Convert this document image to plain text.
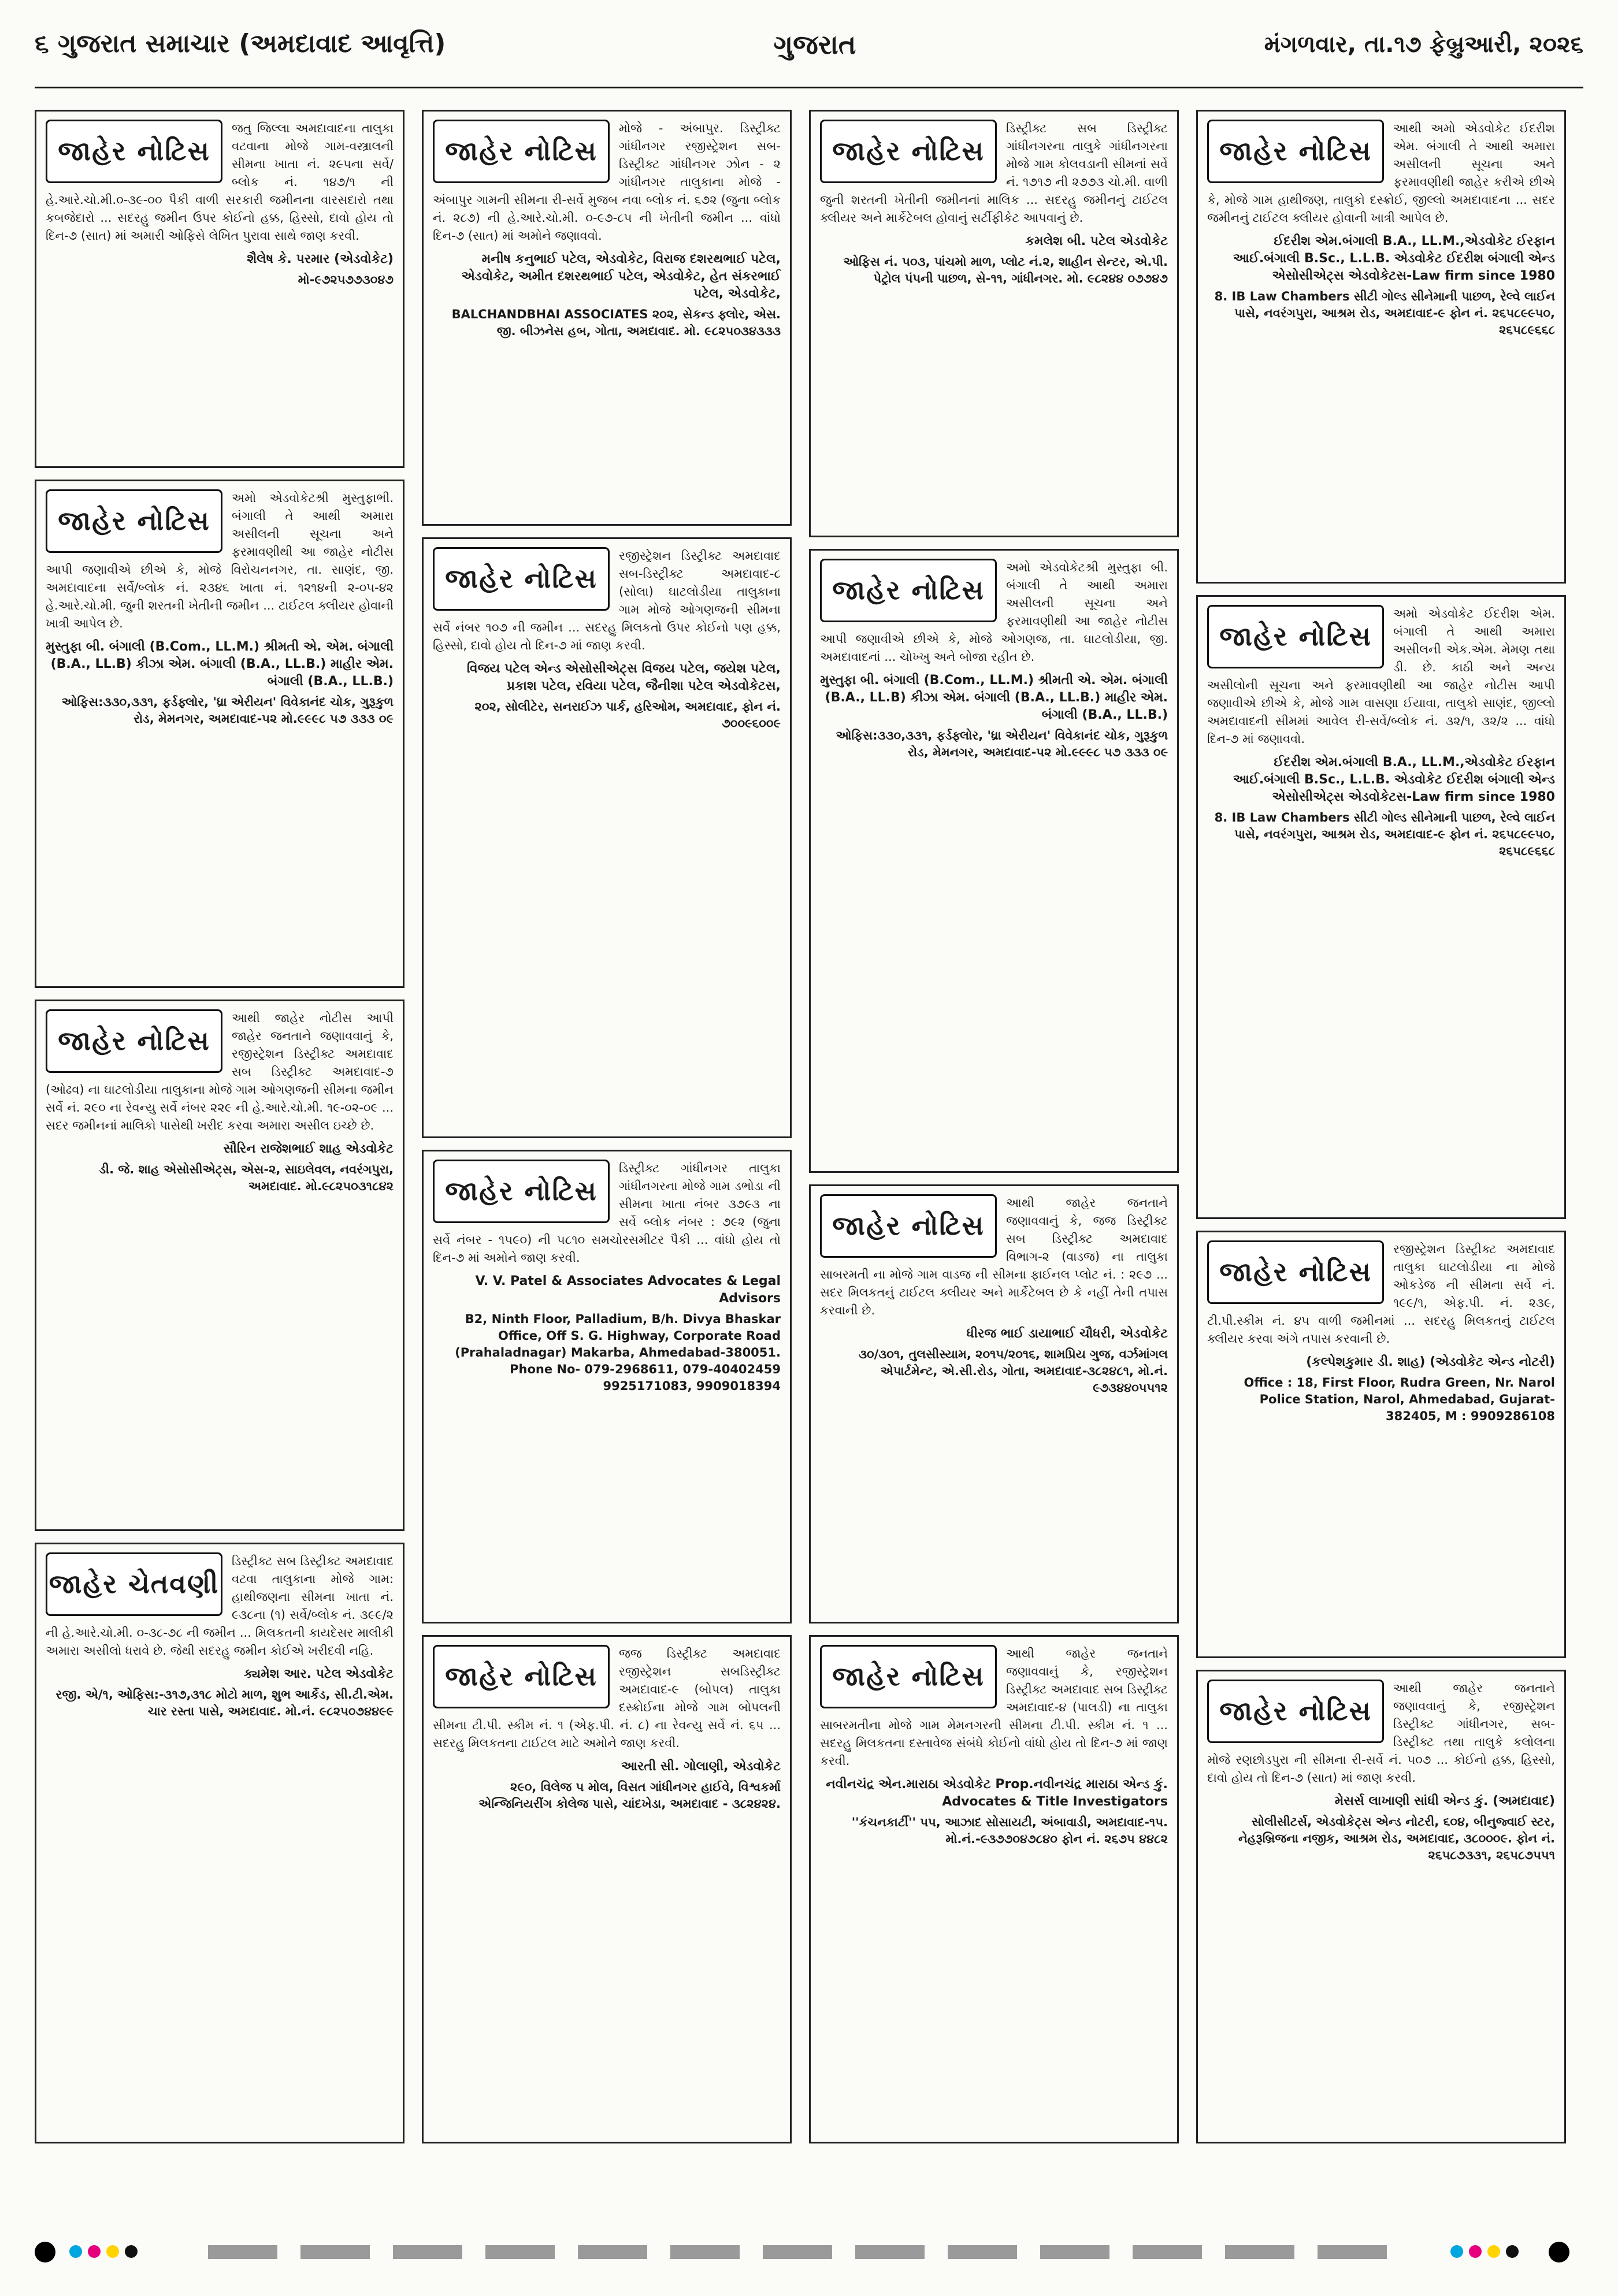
૬ ગુજરાત સમાચાર (અમદાવાદ આવૃત્તિ)	ગુજરાત	મંગળવાર, તા.૧૭ ફેબ્રુઆરી, ૨૦૨૬
જાહેર નોટિસ
જતુ જિલ્લા અમદાવાદના તાલુકા વટવાના મોજે ગામ-વસ્ત્રાલની સીમના ખાતા નં. ૨૯૫ના સર્વે/બ્લોક નં. ૧૪૭/૧ ની હે.આરે.ચો.મી.૦-૩૯-૦૦ પૈકી વાળી સરકારી જમીનના વારસદારો તથા કબજેદારો ... સદરહુ જમીન ઉપર કોઈનો હક્ક, હિસ્સો, દાવો હોય તો દિન-૭ (સાત) માં અમારી ઓફિસે લેખિત પુરાવા સાથે જાણ કરવી.
શૈલેષ કે. પરમાર (એડવોકેટ)
મો-૯૭૨૫૭૭૩૦૪૭
જાહેર નોટિસ
અમો એડવોકેટશ્રી મુસ્તુફાભી. બંગાલી તે આથી અમારા અસીલની સૂચના અને ફરમાવણીથી આ જાહેર નોટીસ આપી જણાવીએ છીએ કે, મોજે વિરોચનનગર, તા. સાણંદ, જી. અમદાવાદના સર્વે/બ્લોક નં. ૨૩૪૬ ખાતા નં. ૧૨૧૪ની ૨-૦૫-૪૨ હે.આરે.ચો.મી. જુની શરતની ખેતીની જમીન ... ટાઈટલ ક્લીયર હોવાની ખાત્રી આપેલ છે.
મુસ્તુફા બી. બંગાલી (B.Com., LL.M.) શ્રીમતી એ. એમ. બંગાલી (B.A., LL.B) કીઝા એમ. બંગાલી (B.A., LL.B.) માહીર એમ. બંગાલી (B.A., LL.B.)
ઓફિસ:૩૩૦,૩૩૧, ફર્ડફ્લોર, 'ધ્રા એરીયન' વિવેકાનંદ ચોક, ગુરૂકુળ રોડ, મેમનગર, અમદાવાદ-૫૨ મો.૯૯૯૮ ૫૭ ૩૩૩ ૦૯
જાહેર નોટિસ
આથી જાહેર નોટીસ આપી જાહેર જનતાને જણાવવાનું કે, રજીસ્ટ્રેશન ડિસ્ટ્રીક્ટ અમદાવાદ સબ ડિસ્ટ્રીક્ટ અમદાવાદ-૭ (ઓઢવ) ના ઘાટલોડીયા તાલુકાના મોજે ગામ ઓગણજની સીમના જમીન સર્વે નં. ૨૯૦ ના રેવન્યુ સર્વે નંબર ૨૨૯ ની હે.આરે.ચો.મી. ૧૯-૦૨-૦૯ ... સદર જમીનનાં માલિકો પાસેથી ખરીદ કરવા અમારા અસીલ ઇચ્છે છે.
સૌરિન રાજેશભાઈ શાહ એડવોકેટ
ડી. જે. શાહ એસોસીએટ્સ, એસ-૨, સાઇલેવલ, નવરંગપુરા, અમદાવાદ. મો.૯૮૨૫૦૩૧૮૪૨
જાહેર ચેતવણી
ડિસ્ટ્રીક્ટ સબ ડિસ્ટ્રીક્ટ અમદાવાદ વટવા તાલુકાના મોજે ગામ: હાથીજણના સીમના ખાતા નં. ૯૩૮ના (૧) સર્વે/બ્લોક નં. ૩૯૯/૨ ની હે.આરે.ચો.મી. ૦-૩૮-૭૮ ની જમીન ... મિલકતની કાયદેસર માલીકી અમારા અસીલો ધરાવે છે. જેથી સદરહુ જમીન કોઈએ ખરીદવી નહિ.
ક્યમેશ આર. પટેલ એડવોકેટ
રજી. એ/૧, ઓફિસ:-૩૧૭,૩૧૮ મોટો માળ, શુભ આર્કેડ, સી.ટી.એમ. ચાર રસ્તા પાસે, અમદાવાદ. મો.નં. ૯૮૨૫૦૭૪૪૯૯
જાહેર નોટિસ
મોજે - અંબાપુર. ડિસ્ટ્રીક્ટ ગાંધીનગર રજીસ્ટ્રેશન સબ-ડિસ્ટ્રીક્ટ ગાંધીનગર ઝોન - ૨ ગાંધીનગર તાલુકાના મોજે - અંબાપુર ગામની સીમના રી-સર્વે મુજબ નવા બ્લોક નં. ૬૭૨ (જુના બ્લોક નં. ૨૮૭) ની હે.આરે.ચો.મી. ૦-૯૭-૮૫ ની ખેતીની જમીન ... વાંધો દિન-૭ (સાત) માં અમોને જણાવવો.
મનીષ કનુભાઈ પટેલ, એડવોકેટ, વિરાજ દશરથભાઈ પટેલ, એડવોકેટ, અમીત દશરથભાઈ પટેલ, એડવોકેટ, હેત સંકરભાઈ પટેલ, એડવોકેટ,
BALCHANDBHAI ASSOCIATES ૨૦૨, સેકન્ડ ફ્લોર, એસ. જી. બીઝનેસ હબ, ગોતા, અમદાવાદ. મો. ૯૮૨૫૦૩૪૩૩૩
જાહેર નોટિસ
રજીસ્ટ્રેશન ડિસ્ટ્રીક્ટ અમદાવાદ સબ-ડિસ્ટ્રીક્ટ અમદાવાદ-૮ (સોલા) ઘાટલોડીયા તાલુકાના ગામ મોજે ઓગણજની સીમના સર્વે નંબર ૧૦૭ ની જમીન ... સદરહુ મિલકતો ઉપર કોઈનો પણ હક્ક, હિસ્સો, દાવો હોય તો દિન-૭ માં જાણ કરવી.
વિજય પટેલ એન્ડ એસોસીએટ્સ વિજય પટેલ, જયેશ પટેલ, પ્રકાશ પટેલ, રવિયા પટેલ, જૈનીશા પટેલ એડવોકેટસ,
૨૦૨, સોલીટેર, સનરાઈઝ પાર્ક, હરિઓમ, અમદાવાદ, ફોન નં. ૭૦૦૯૬૦૦૯
જાહેર નોટિસ
ડિસ્ટ્રીક્ટ ગાંધીનગર તાલુકા ગાંધીનગરના મોજે ગામ ડભોડા ની સીમના ખાતા નંબર ૩૭૯૩ ના સર્વે બ્લોક નંબર : ૭૯૨ (જુના સર્વે નંબર - ૧૫૯૦) ની ૫૮૧૦ સમચોરસમીટર પૈકી ... વાંધો હોય તો દિન-૭ માં અમોને જાણ કરવી.
V. V. Patel & Associates Advocates & Legal Advisors
B2, Ninth Floor, Palladium, B/h. Divya Bhaskar Office, Off S. G. Highway, Corporate Road (Prahaladnagar) Makarba, Ahmedabad-380051. Phone No- 079-2968611, 079-40402459 9925171083, 9909018394
જાહેર નોટિસ
જજ ડિસ્ટ્રીક્ટ અમદાવાદ રજીસ્ટ્રેશન સબડિસ્ટ્રીક્ટ અમદાવાદ-૯ (બોપલ) તાલુકા દસ્ક્રોઈના મોજે ગામ બોપલની સીમના ટી.પી. સ્કીમ નં. ૧ (એફ.પી. નં. ૮) ના રેવન્યુ સર્વે નં. ૬૫ ... સદરહુ મિલકતના ટાઈટલ માટે અમોને જાણ કરવી.
આરતી સી. ગોલાણી, એડવોકેટ
૨૯૦, વિલેજ ૫ મોલ, વિસત ગાંધીનગર હાઈવે, વિશ્વકર્મા એન્જિનિયરીંગ કોલેજ પાસે, ચાંદખેડા, અમદાવાદ - ૩૮૨૪૨૪.
જાહેર નોટિસ
ડિસ્ટ્રીક્ટ સબ ડિસ્ટ્રીક્ટ ગાંધીનગરના તાલુકે ગાંધીનગરના મોજે ગામ કોલવડાની સીમનાં સર્વે નં. ૧૭૧૭ ની ૨૭૭૩ ચો.મી. વાળી જુની શરતની ખેતીની જમીનનાં માલિક ... સદરહુ જમીનનું ટાઈટલ ક્લીયર અને માર્કેટેબલ હોવાનું સર્ટીફીકેટ આપવાનું છે.
કમલેશ બી. પટેલ એડવોકેટ
ઓફિસ નં. ૫૦૩, પાંચમો માળ, પ્લોટ નં.૨, શાહીન સેન્ટર, એ.પી. પેટ્રોલ પંપની પાછળ, સે-૧૧, ગાંધીનગર. મો. ૯૮૨૪૪ ૦૭૭૪૭
જાહેર નોટિસ
અમો એડવોકેટશ્રી મુસ્તુફા બી. બંગાલી તે આથી અમારા અસીલની સૂચના અને ફરમાવણીથી આ જાહેર નોટીસ આપી જણાવીએ છીએ કે, મોજે ઓગણજ, તા. ઘાટલોડીયા, જી. અમદાવાદનાં ... ચોખ્ખુ અને બોજા રહીત છે.
મુસ્તુફા બી. બંગાલી (B.Com., LL.M.) શ્રીમતી એ. એમ. બંગાલી (B.A., LL.B) કીઝા એમ. બંગાલી (B.A., LL.B.) માહીર એમ. બંગાલી (B.A., LL.B.)
ઓફિસ:૩૩૦,૩૩૧, ફર્ડફ્લોર, 'ધ્રા એરીયન' વિવેકાનંદ ચોક, ગુરૂકુળ રોડ, મેમનગર, અમદાવાદ-૫૨ મો.૯૯૯૮ ૫૭ ૩૩૩ ૦૯
જાહેર નોટિસ
આથી જાહેર જનતાને જણાવવાનું કે, જજ ડિસ્ટ્રીક્ટ સબ ડિસ્ટ્રીક્ટ અમદાવાદ વિભાગ-૨ (વાડજ) ના તાલુકા સાબરમતી ના મોજે ગામ વાડજ ની સીમના ફાઈનલ પ્લોટ નં. : ૨૯૭ ... સદર મિલકતનું ટાઈટલ ક્લીયર અને માર્કેટેબલ છે કે નહીં તેની તપાસ કરવાની છે.
ધીરજ ભાઈ ડાયાભાઈ ચૌધરી, એડવોકેટ
૩૦/૩૦૧, તુલસીસ્યામ, ૨૦૧૫/૨૦૧૬, શામપ્રિય ગુજ, વર્ઝમાંગલ એપાર્ટમેન્ટ, એ.સી.રોડ, ગોતા, અમદાવાદ-૩૮૨૪૮૧, મો.નં. ૯૭૩૪૪૦૫૫૧૨
જાહેર નોટિસ
આથી જાહેર જનતાને જણાવવાનું કે, રજીસ્ટ્રેશન ડિસ્ટ્રીક્ટ અમદાવાદ સબ ડિસ્ટ્રીક્ટ અમદાવાદ-૪ (પાલડી) ના તાલુકા સાબરમતીના મોજે ગામ મેમનગરની સીમના ટી.પી. સ્કીમ નં. ૧ ... સદરહુ મિલકતના દસ્તાવેજ સંબંધે કોઈનો વાંધો હોય તો દિન-૭ માં જાણ કરવી.
નવીનચંદ્ર એન.મારાઠા એડવોકેટ Prop.નવીનચંદ્ર મારાઠા એન્ડ કું. Advocates & Title Investigators
''કંચનકાર્ટી'' ૫૫, આઝાદ સોસાયટી, અંબાવાડી, અમદાવાદ-૧૫. મો.નં.-૯૩૭૭૦૪૭૮૪૦ ફોન નં. ૨૬૭૫ ૪૪૮૨
જાહેર નોટિસ
આથી અમો એડવોકેટ ઈદરીશ એમ. બંગાલી તે આથી અમારા અસીલની સૂચના અને ફરમાવણીથી જાહેર કરીએ છીએ કે, મોજે ગામ હાથીજણ, તાલુકો દસ્ક્રોઈ, જીલ્લો અમદાવાદના ... સદર જમીનનું ટાઈટલ ક્લીયર હોવાની ખાત્રી આપેલ છે.
ઈદરીશ એમ.બંગાલી B.A., LL.M.,એડવોકેટ ઈરફાન આઈ.બંગાલી B.Sc., L.L.B. એડવોકેટ ઈદરીશ બંગાલી એન્ડ એસોસીએટ્સ એડવોકેટસ-Law firm since 1980
8. IB Law Chambers સીટી ગોલ્ડ સીનેમાની પાછળ, રેલ્વે લાઈન પાસે, નવરંગપુરા, આશ્રમ રોડ, અમદાવાદ-૯ ફોન નં. ૨૬૫૮૯૯૫૦, ૨૬૫૮૯૬૬૮
જાહેર નોટિસ
અમો એડવોકેટ ઈદરીશ એમ. બંગાલી તે આથી અમારા અસીલની એક.એમ. મેમણ તથા ડી. છે. કાઠી અને અન્ય અસીલોની સૂચના અને ફરમાવણીથી આ જાહેર નોટીસ આપી જણાવીએ છીએ કે, મોજે ગામ વાસણા ઈયાવા, તાલુકો સાણંદ, જીલ્લો અમદાવાદની સીમમાં આવેલ રી-સર્વે/બ્લોક નં. ૩૨/૧, ૩૨/૨ ... વાંધો દિન-૭ માં જણાવવો.
ઈદરીશ એમ.બંગાલી B.A., LL.M.,એડવોકેટ ઈરફાન આઈ.બંગાલી B.Sc., L.L.B. એડવોકેટ ઈદરીશ બંગાલી એન્ડ એસોસીએટ્સ એડવોકેટસ-Law firm since 1980
8. IB Law Chambers સીટી ગોલ્ડ સીનેમાની પાછળ, રેલ્વે લાઈન પાસે, નવરંગપુરા, આશ્રમ રોડ, અમદાવાદ-૯ ફોન નં. ૨૬૫૮૯૯૫૦, ૨૬૫૮૯૬૬૮
જાહેર નોટિસ
રજીસ્ટ્રેશન ડિસ્ટ્રીક્ટ અમદાવાદ તાલુકા ઘાટલોડીયા ના મોજે ઓકડેજ ની સીમના સર્વે નં. ૧૯૯/૧, એફ.પી. નં. ૨૩૯, ટી.પી.સ્કીમ નં. ૪૫ વાળી જમીનમાં ... સદરહુ મિલકતનું ટાઈટલ ક્લીયર કરવા અંગે તપાસ કરવાની છે.
(કલ્પેશકુમાર ડી. શાહ) (એડવોકેટ એન્ડ નોટરી)
Office : 18, First Floor, Rudra Green, Nr. Narol Police Station, Narol, Ahmedabad, Gujarat-382405, M : 9909286108
જાહેર નોટિસ
આથી જાહેર જનતાને જણાવવાનું કે, રજીસ્ટ્રેશન ડિસ્ટ્રીક્ટ ગાંધીનગર, સબ-ડિસ્ટ્રીક્ટ તથા તાલુકે કલોલના મોજે રણછોડપુરા ની સીમના રી-સર્વે નં. ૫૦૭ ... કોઈનો હક્ક, હિસ્સો, દાવો હોય તો દિન-૭ (સાત) માં જાણ કરવી.
મેસર્સ લાખાણી સાંધી એન્ડ કું. (અમદાવાદ)
સોલીસીટર્સ, એડવોકેટ્સ એન્ડ નોટરી, ૬૦૪, બીનુજ્વાઈ સ્ટર, નેહરૂબ્રિજના નજીક, આશ્રમ રોડ, અમદાવાદ, ૩૮૦૦૦૯. ફોન નં. ૨૬૫૮૭૩૩૧, ૨૬૫૮૭૫૫૧
